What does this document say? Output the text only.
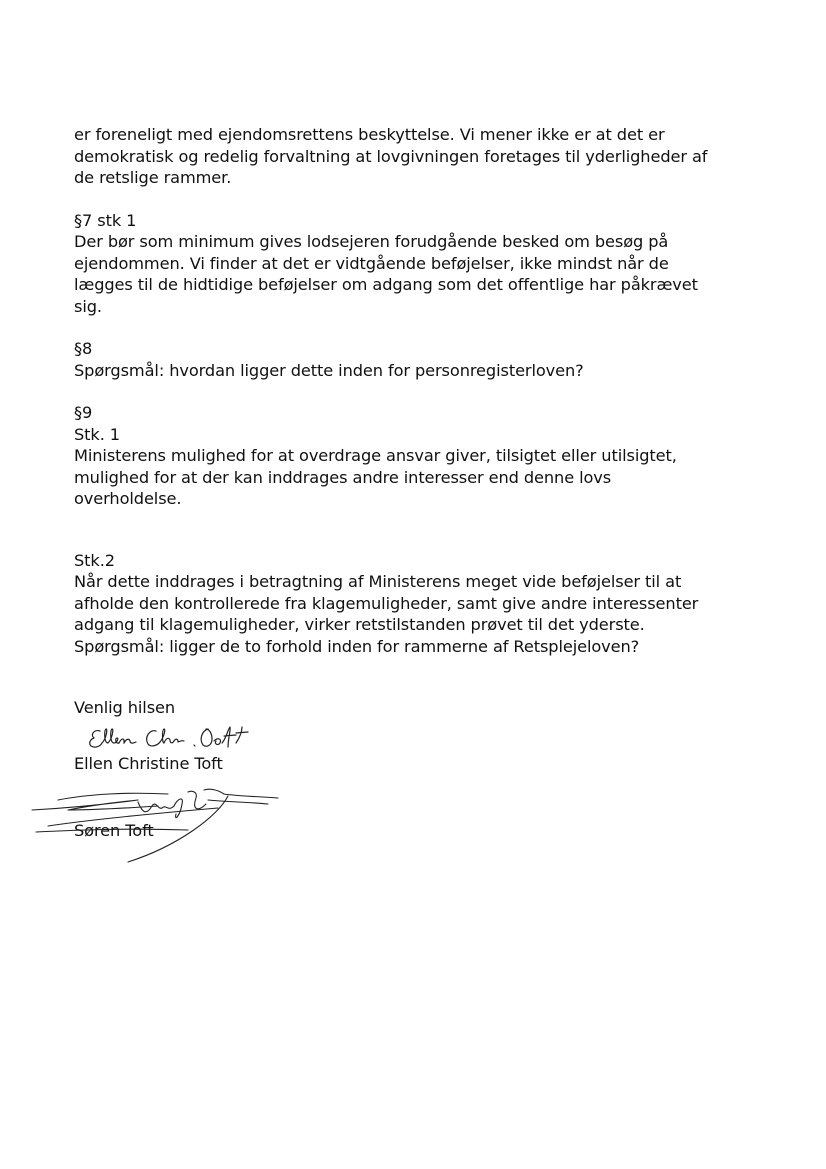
er foreneligt med ejendomsrettens beskyttelse. Vi mener ikke er at det er
demokratisk og redelig forvaltning at lovgivningen foretages til yderligheder af
de retslige rammer.

§7 stk 1

Der bør som minimum gives lodsejeren forudgående besked om besøg på
ejendommen. Vi finder at det er vidtgående beføjelser, ikke mindst når de
lægges til de hidtidige beføjelser om adgang som det offentlige har påkrævet
sig.

§8

Spørgsmål: hvordan ligger dette inden for personregisterloven?

§9

Stk. 1

Ministerens mulighed for at overdrage ansvar giver, tilsigtet eller utilsigtet,
mulighed for at der kan inddrages andre interesser end denne lovs
overholdelse.

Stk.2

Når dette inddrages i betragtning af Ministerens meget vide beføjelser til at
afholde den kontrollerede fra klagemuligheder, samt give andre interessenter
adgang til klagemuligheder, virker retstilstanden prøvet til det yderste.
Spørgsmål: ligger de to forhold inden for rammerne af Retsplejeloven?

Venlig hilsen

Ellen Christine Toft

Søren Toft
